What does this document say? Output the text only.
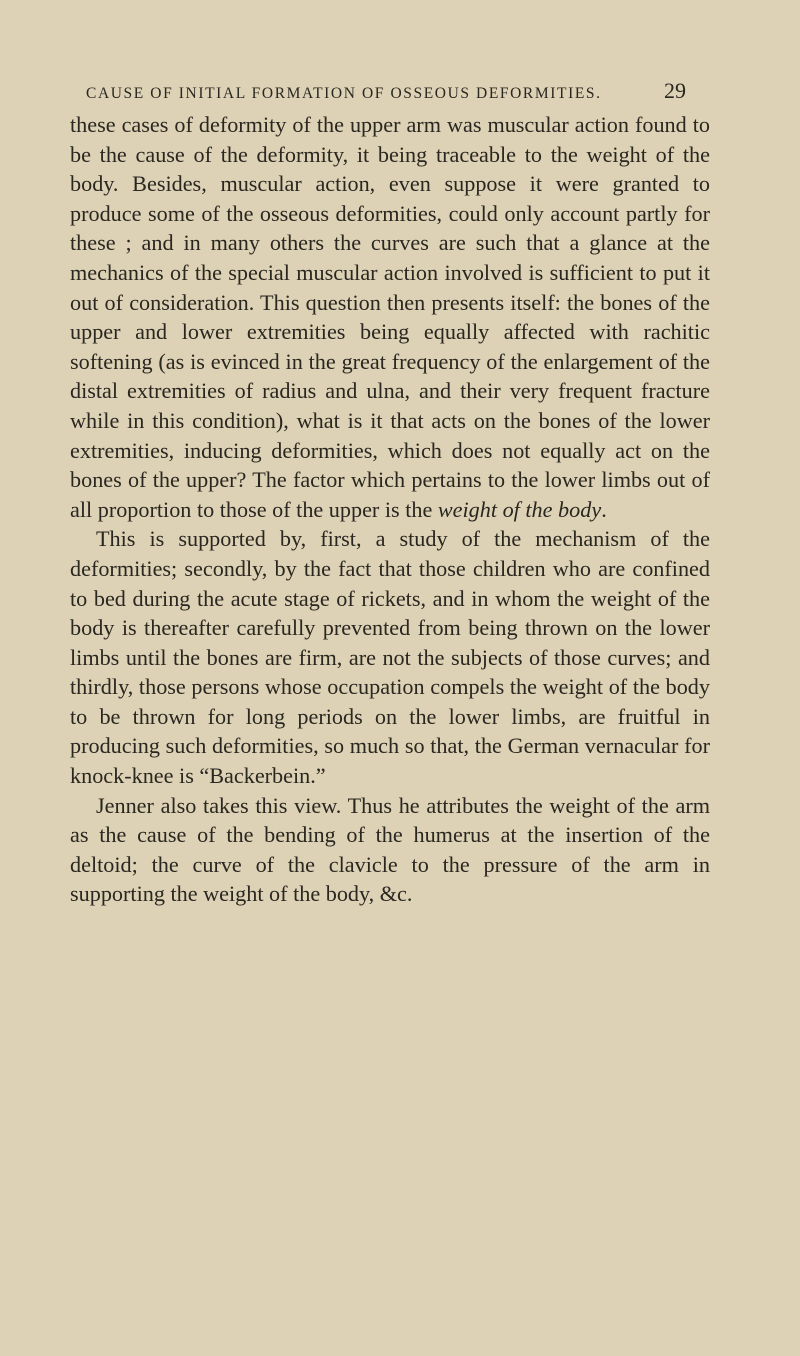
CAUSE OF INITIAL FORMATION OF OSSEOUS DEFORMITIES.	29

these cases of deformity of the upper arm was muscular action found to be the cause of the deformity, it being traceable to the weight of the body. Besides, muscular action, even suppose it were granted to produce some of the osseous deformities, could only account partly for these ; and in many others the curves are such that a glance at the mechanics of the special muscular action involved is sufficient to put it out of consideration. This question then presents itself: the bones of the upper and lower extremities being equally affected with rachitic softening (as is evinced in the great frequency of the enlargement of the distal extremities of radius and ulna, and their very frequent fracture while in this condition), what is it that acts on the bones of the lower extremities, inducing deformities, which does not equally act on the bones of the upper? The factor which pertains to the lower limbs out of all proportion to those of the upper is the weight of the body.

This is supported by, first, a study of the mechanism of the deformities; secondly, by the fact that those children who are confined to bed during the acute stage of rickets, and in whom the weight of the body is thereafter carefully prevented from being thrown on the lower limbs until the bones are firm, are not the subjects of those curves; and thirdly, those persons whose occupation compels the weight of the body to be thrown for long periods on the lower limbs, are fruitful in producing such deformities, so much so that, the German vernacular for knock-knee is “Backerbein.”

Jenner also takes this view. Thus he attributes the weight of the arm as the cause of the bending of the humerus at the insertion of the deltoid; the curve of the clavicle to the pressure of the arm in supporting the weight of the body, &c.
